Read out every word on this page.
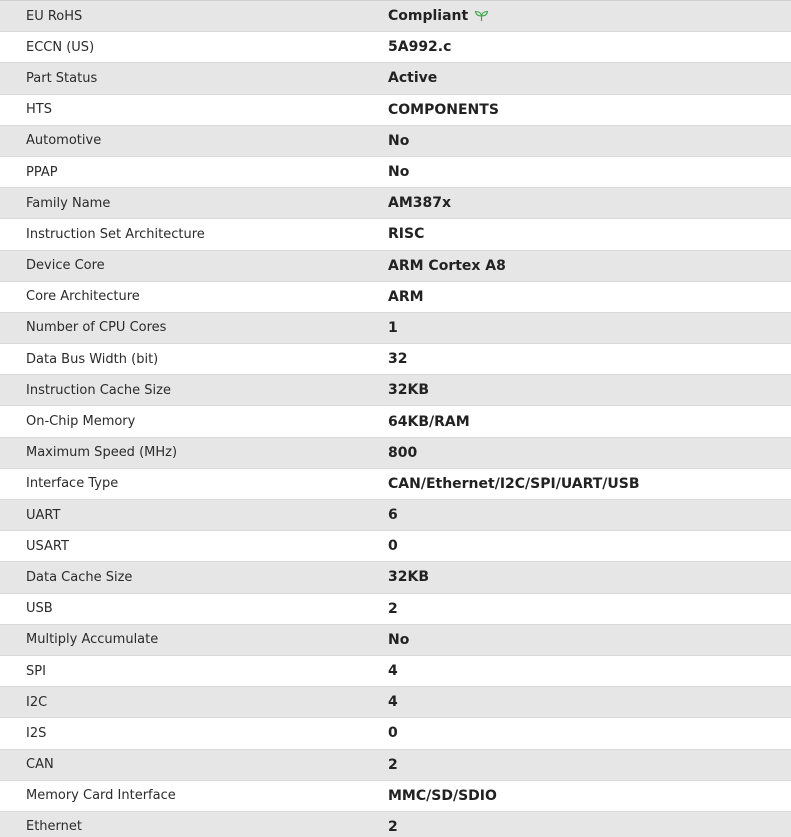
EU RoHS	Compliant
ECCN (US)	5A992.c
Part Status	Active
HTS	COMPONENTS
Automotive	No
PPAP	No
Family Name	AM387x
Instruction Set Architecture	RISC
Device Core	ARM Cortex A8
Core Architecture	ARM
Number of CPU Cores	1
Data Bus Width (bit)	32
Instruction Cache Size	32KB
On-Chip Memory	64KB/RAM
Maximum Speed (MHz)	800
Interface Type	CAN/Ethernet/I2C/SPI/UART/USB
UART	6
USART	0
Data Cache Size	32KB
USB	2
Multiply Accumulate	No
SPI	4
I2C	4
I2S	0
CAN	2
Memory Card Interface	MMC/SD/SDIO
Ethernet	2
